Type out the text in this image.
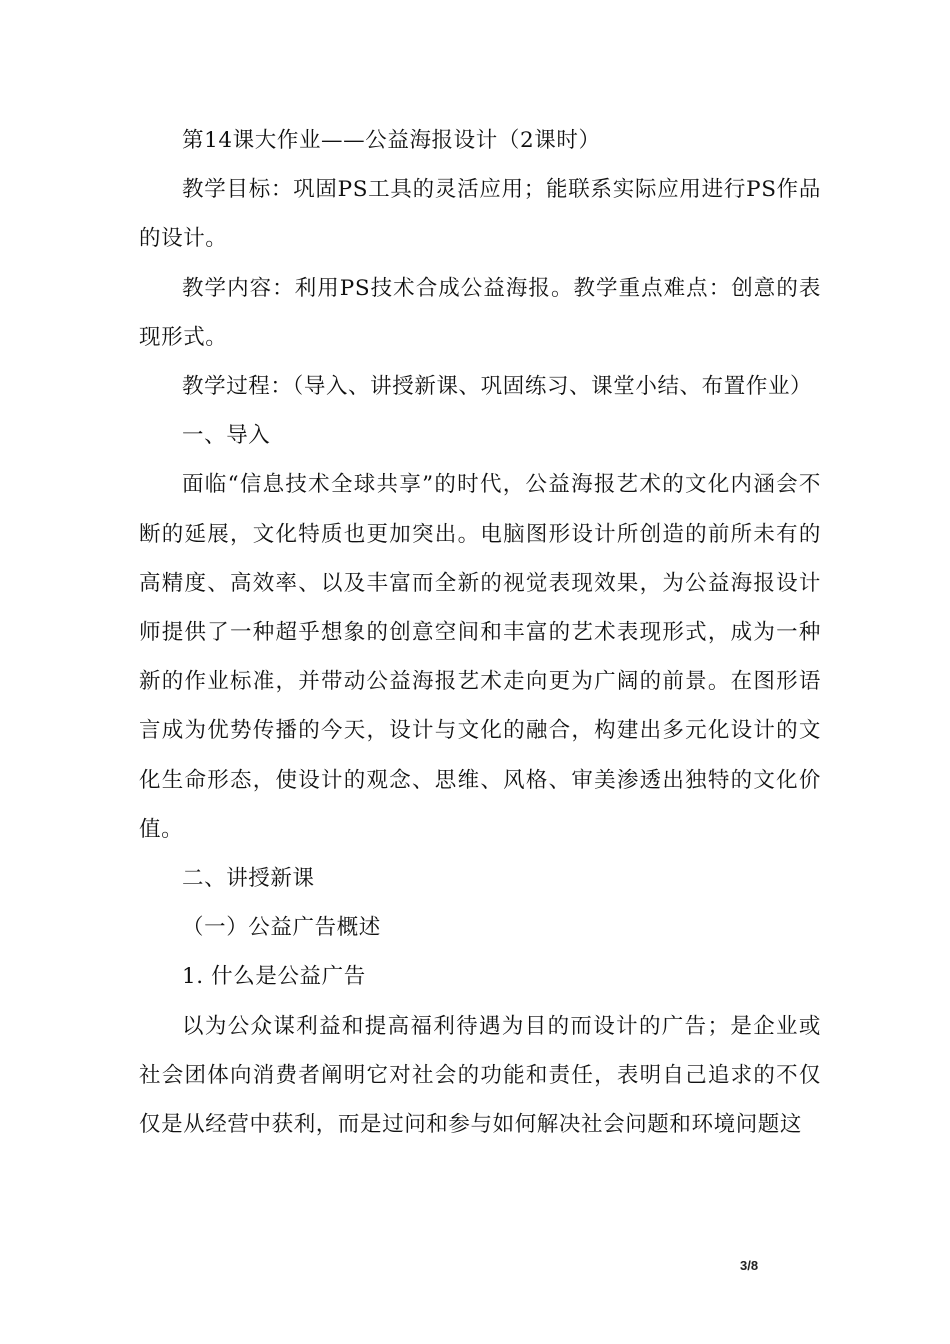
第14课大作业——公益海报设计（2课时）

教学目标：巩固PS工具的灵活应用；能联系实际应用进行PS作品的设计。

教学内容：利用PS技术合成公益海报。教学重点难点：创意的表现形式。

教学过程：（导入、讲授新课、巩固练习、课堂小结、布置作业）

一、导入

面临“信息技术全球共享”的时代，公益海报艺术的文化内涵会不断的延展，文化特质也更加突出。电脑图形设计所创造的前所未有的高精度、高效率、以及丰富而全新的视觉表现效果，为公益海报设计师提供了一种超乎想象的创意空间和丰富的艺术表现形式，成为一种新的作业标准，并带动公益海报艺术走向更为广阔的前景。在图形语言成为优势传播的今天，设计与文化的融合，构建出多元化设计的文化生命形态，使设计的观念、思维、风格、审美渗透出独特的文化价值。

二、讲授新课

（一）公益广告概述

1. 什么是公益广告

以为公众谋利益和提高福利待遇为目的而设计的广告；是企业或社会团体向消费者阐明它对社会的功能和责任，表明自己追求的不仅仅是从经营中获利，而是过问和参与如何解决社会问题和环境问题这

3/8
